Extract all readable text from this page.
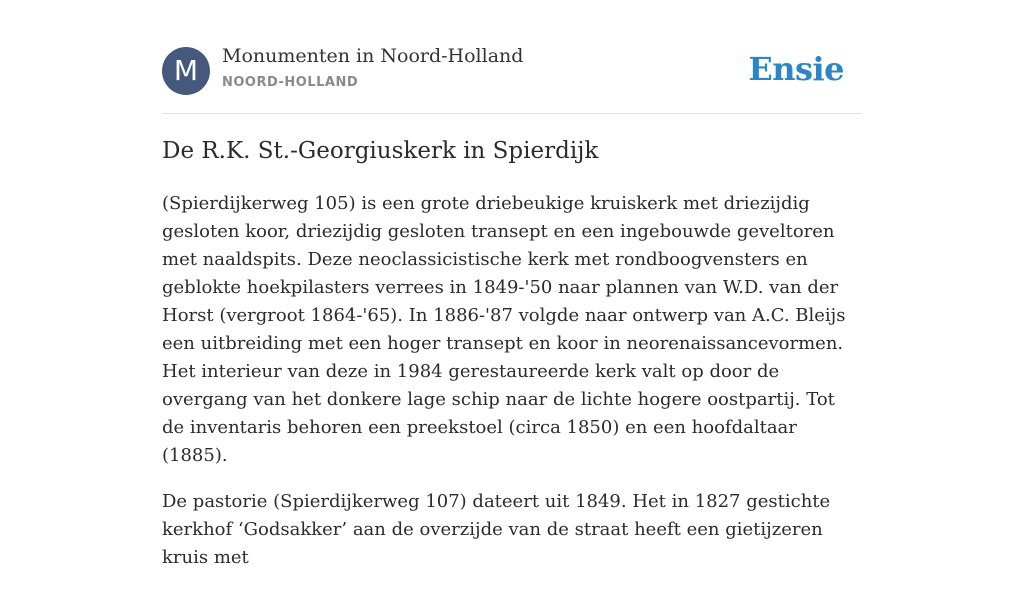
M	Monumenten in Noord-Holland
NOORD-HOLLAND	Ensie
De R.K. St.-Georgiuskerk in Spierdijk

(Spierdijkerweg 105) is een grote driebeukige kruiskerk met driezijdig gesloten koor, driezijdig gesloten transept en een ingebouwde geveltoren met naaldspits. Deze neoclassicistische kerk met rondboogvensters en geblokte hoekpilasters verrees in 1849-'50 naar plannen van W.D. van der Horst (vergroot 1864-'65). In 1886-'87 volgde naar ontwerp van A.C. Bleijs een uitbreiding met een hoger transept en koor in neorenaissancevormen. Het interieur van deze in 1984 gerestaureerde kerk valt op door de overgang van het donkere lage schip naar de lichte hogere oostpartij. Tot de inventaris behoren een preekstoel (circa 1850) en een hoofdaltaar (1885).

De pastorie (Spierdijkerweg 107) dateert uit 1849. Het in 1827 gestichte kerkhof ‘Godsakker’ aan de overzijde van de straat heeft een gietijzeren kruis met
